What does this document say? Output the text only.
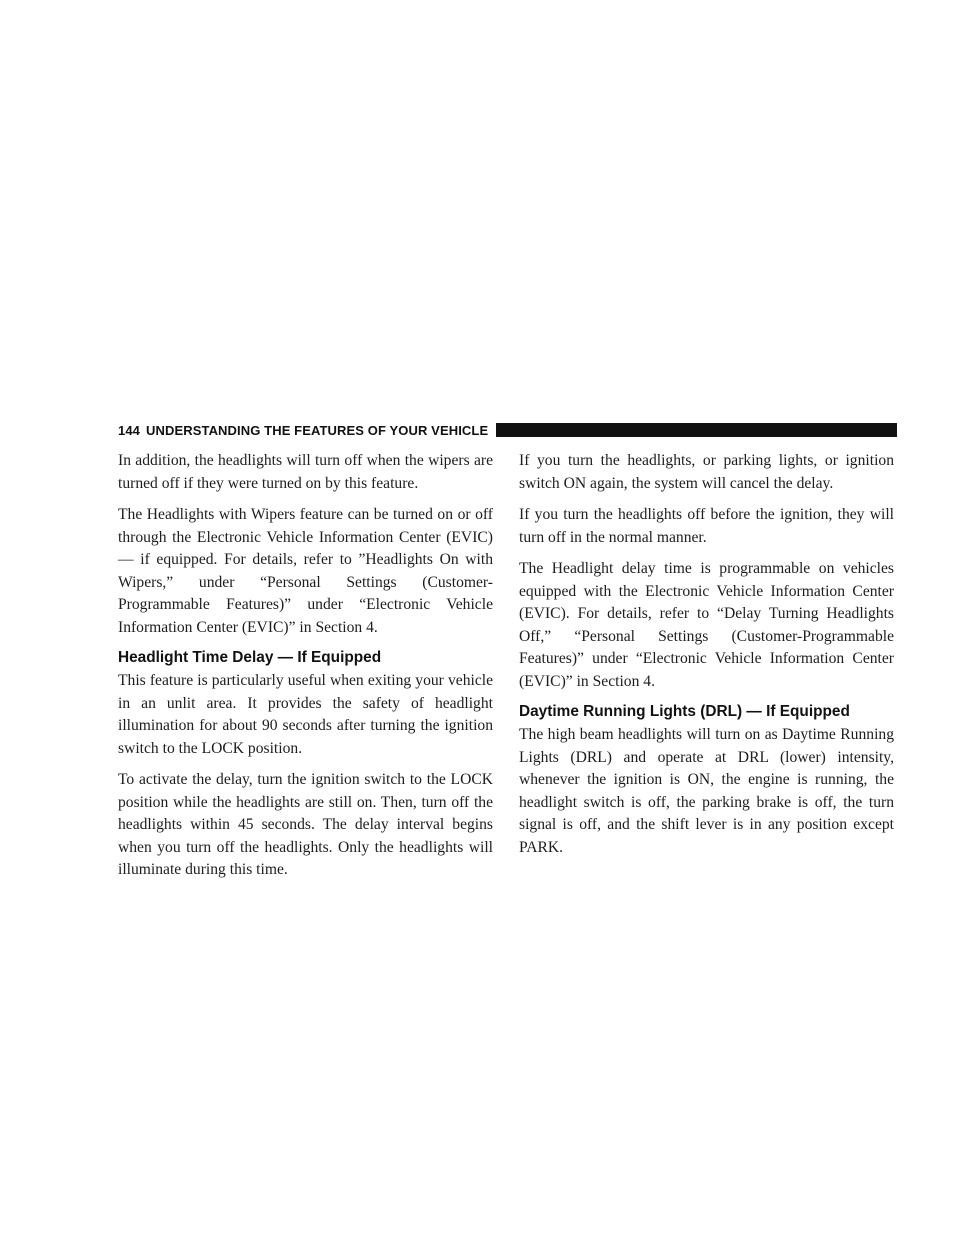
144 UNDERSTANDING THE FEATURES OF YOUR VEHICLE

In addition, the headlights will turn off when the wipers are turned off if they were turned on by this feature.

The Headlights with Wipers feature can be turned on or off through the Electronic Vehicle Information Center (EVIC) — if equipped. For details, refer to ”Headlights On with Wipers,” under “Personal Settings (Customer-Programmable Features)” under “Electronic Vehicle Information Center (EVIC)” in Section 4.

Headlight Time Delay — If Equipped

This feature is particularly useful when exiting your vehicle in an unlit area. It provides the safety of headlight illumination for about 90 seconds after turning the ignition switch to the LOCK position.

To activate the delay, turn the ignition switch to the LOCK position while the headlights are still on. Then, turn off the headlights within 45 seconds. The delay interval begins when you turn off the headlights. Only the headlights will illuminate during this time.

If you turn the headlights, or parking lights, or ignition switch ON again, the system will cancel the delay.

If you turn the headlights off before the ignition, they will turn off in the normal manner.

The Headlight delay time is programmable on vehicles equipped with the Electronic Vehicle Information Center (EVIC). For details, refer to “Delay Turning Headlights Off,” “Personal Settings (Customer-Programmable Features)” under “Electronic Vehicle Information Center (EVIC)” in Section 4.

Daytime Running Lights (DRL) — If Equipped

The high beam headlights will turn on as Daytime Running Lights (DRL) and operate at DRL (lower) intensity, whenever the ignition is ON, the engine is running, the headlight switch is off, the parking brake is off, the turn signal is off, and the shift lever is in any position except PARK.
